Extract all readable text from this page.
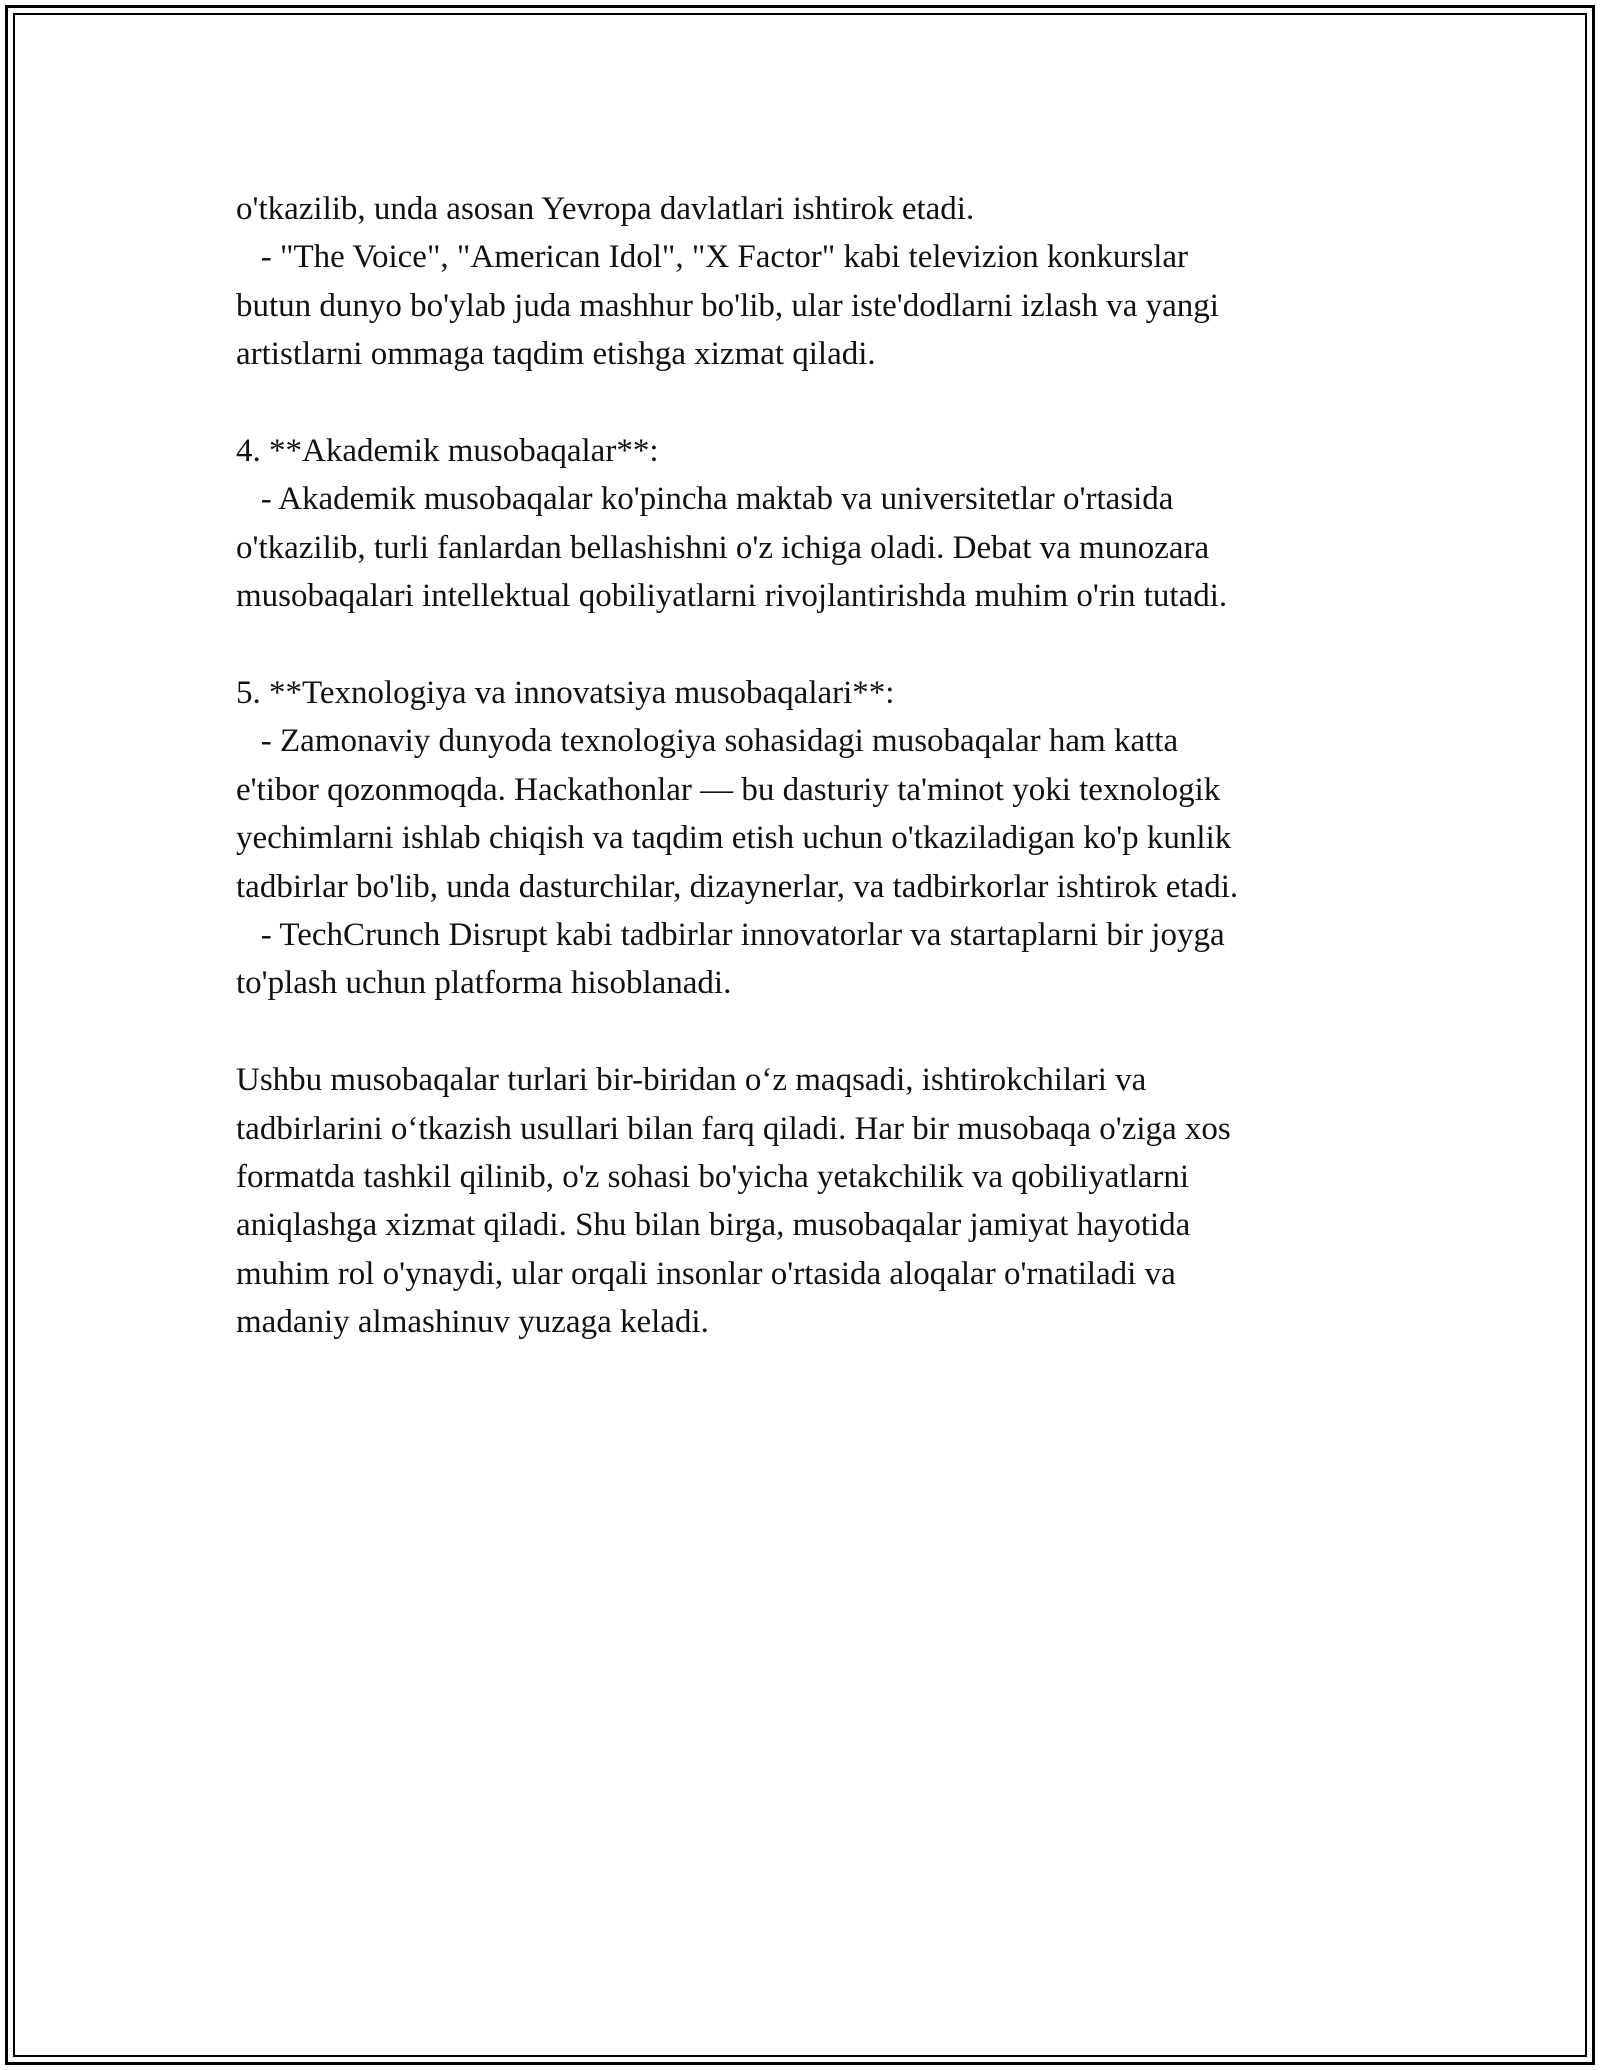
o'tkazilib, unda asosan Yevropa davlatlari ishtirok etadi.
- "The Voice", "American Idol", "X Factor" kabi televizion konkurslar
butun dunyo bo'ylab juda mashhur bo'lib, ular iste'dodlarni izlash va yangi
artistlarni ommaga taqdim etishga xizmat qiladi.
4. **Akademik musobaqalar**:
- Akademik musobaqalar ko'pincha maktab va universitetlar o'rtasida
o'tkazilib, turli fanlardan bellashishni o'z ichiga oladi. Debat va munozara
musobaqalari intellektual qobiliyatlarni rivojlantirishda muhim o'rin tutadi.
5. **Texnologiya va innovatsiya musobaqalari**:
- Zamonaviy dunyoda texnologiya sohasidagi musobaqalar ham katta
e'tibor qozonmoqda. Hackathonlar — bu dasturiy ta'minot yoki texnologik
yechimlarni ishlab chiqish va taqdim etish uchun o'tkaziladigan ko'p kunlik
tadbirlar bo'lib, unda dasturchilar, dizaynerlar, va tadbirkorlar ishtirok etadi.
- TechCrunch Disrupt kabi tadbirlar innovatorlar va startaplarni bir joyga
to'plash uchun platforma hisoblanadi.
Ushbu musobaqalar turlari bir-biridan o‘z maqsadi, ishtirokchilari va
tadbirlarini o‘tkazish usullari bilan farq qiladi. Har bir musobaqa o'ziga xos
formatda tashkil qilinib, o'z sohasi bo'yicha yetakchilik va qobiliyatlarni
aniqlashga xizmat qiladi. Shu bilan birga, musobaqalar jamiyat hayotida
muhim rol o'ynaydi, ular orqali insonlar o'rtasida aloqalar o'rnatiladi va
madaniy almashinuv yuzaga keladi.
